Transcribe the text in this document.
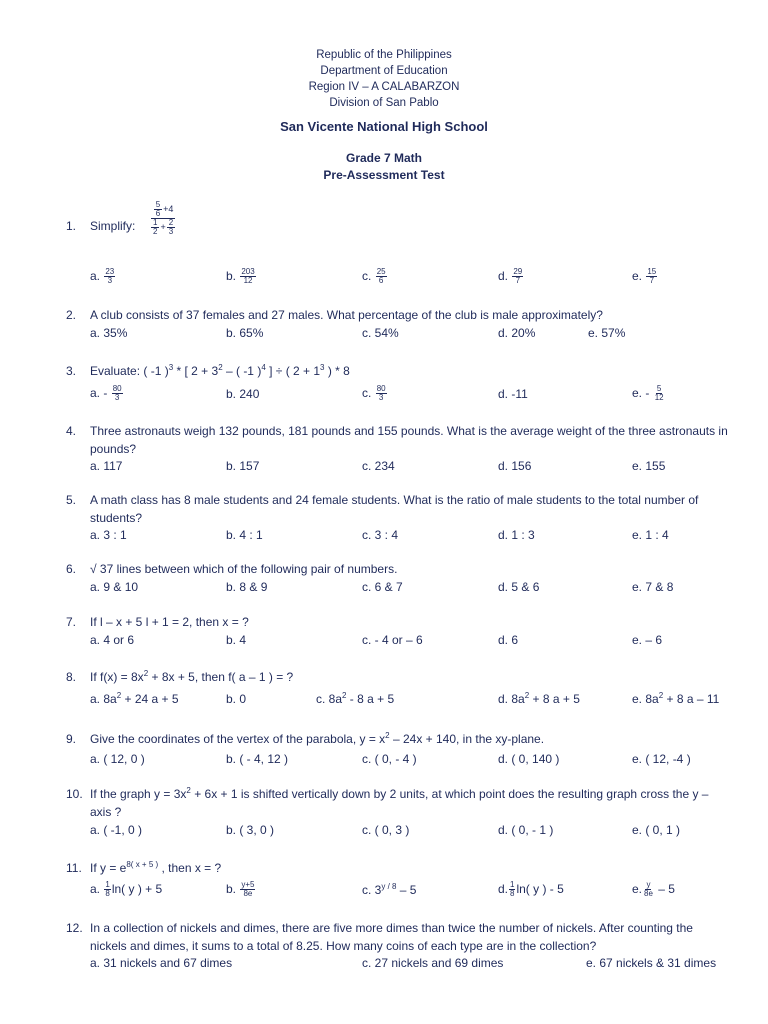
Republic of the Philippines
Department of Education
Region IV – A CALABARZON
Division of San Pablo
San Vicente National High School
Grade 7 Math
Pre-Assessment Test
1. Simplify:	$\frac{\frac{5}{6} +4}{\frac{1}{2} + \frac{2}{3}}$
a. $\frac{23}{3}$	b. $\frac{203}{12}$	c. $\frac{25}{6}$	d. $\frac{29}{7}$	e. $\frac{15}{7}$
2. A club consists of 37 females and 27 males. What percentage of the club is male approximately?
a. 35%	b. 65%	c. 54%	d. 20%	e. 57%
3. Evaluate: ( -1 )$^3$ * [ $2 + 3^2$ – ( -1 )$^4$ ] ÷ ( $2 + 1^3$ ) * 8
a. - $\frac{80}{3}$	b. 240	c. $\frac{80}{3}$	d. -11	e. - $\frac{5}{12}$
4. Three astronauts weigh 132 pounds, 181 pounds and 155 pounds. What is the average weight of the three astronauts in pounds?
a. 117	b. 157	c. 234	d. 156	e. 155
5. A math class has 8 male students and 24 female students. What is the ratio of male students to the total number of students?
a. 3 : 1	b. 4 : 1	c. 3 : 4	d. 1 : 3	e. 1 : 4
6. √ 37 lines between which of the following pair of numbers.
a. 9 & 10	b. 8 & 9	c. 6 & 7	d. 5 & 6	e. 7 & 8
7. If l – x + 5 l + 1 = 2, then x = ?
a. 4 or 6	b. 4	c. - 4 or – 6	d. 6	e. – 6
8. If $f(x) = 8x^2 + 8x + 5$, then f( a – 1 ) = ?
a. $8a^2 + 24$ a + 5	b. 0	c. $8a^2 - 8$ a + 5	d. $8a^2 + 8$ a + 5	e. $8a^2 + 8$ a – 11
9. Give the coordinates of the vertex of the parabola, $y = x^2 - 24x + 140$, in the xy-plane.
a. ( 12, 0 )	b. ( - 4, 12 )	c. ( 0, - 4 )	d. ( 0, 140 )	e. ( 12, -4 )
10. If the graph $y = 3x^2 + 6x + 1$ is shifted vertically down by 2 units, at which point does the resulting graph cross the y – axis ?
a. ( -1, 0 )	b. ( 3, 0 )	c. ( 0, 3 )	d. ( 0, - 1 )	e. ( 0, 1 )
11. If $y = e^{8( x + 5 )}$ , then x = ?
a. $\frac{1}{8} \ln$( y ) + 5	b. $\frac{y+5}{8e}$	c. $3^{y / 8} - 5$	d. $\frac{1}{8} \ln$( y ) - 5	e. $\frac{y}{8e} - 5$
12. In a collection of nickels and dimes, there are five more dimes than twice the number of nickels. After counting the nickels and dimes, it sums to a total of 8.25. How many coins of each type are in the collection?
a. 31 nickels and 67 dimes	c. 27 nickels and 69 dimes	e. 67 nickels & 31 dimes
